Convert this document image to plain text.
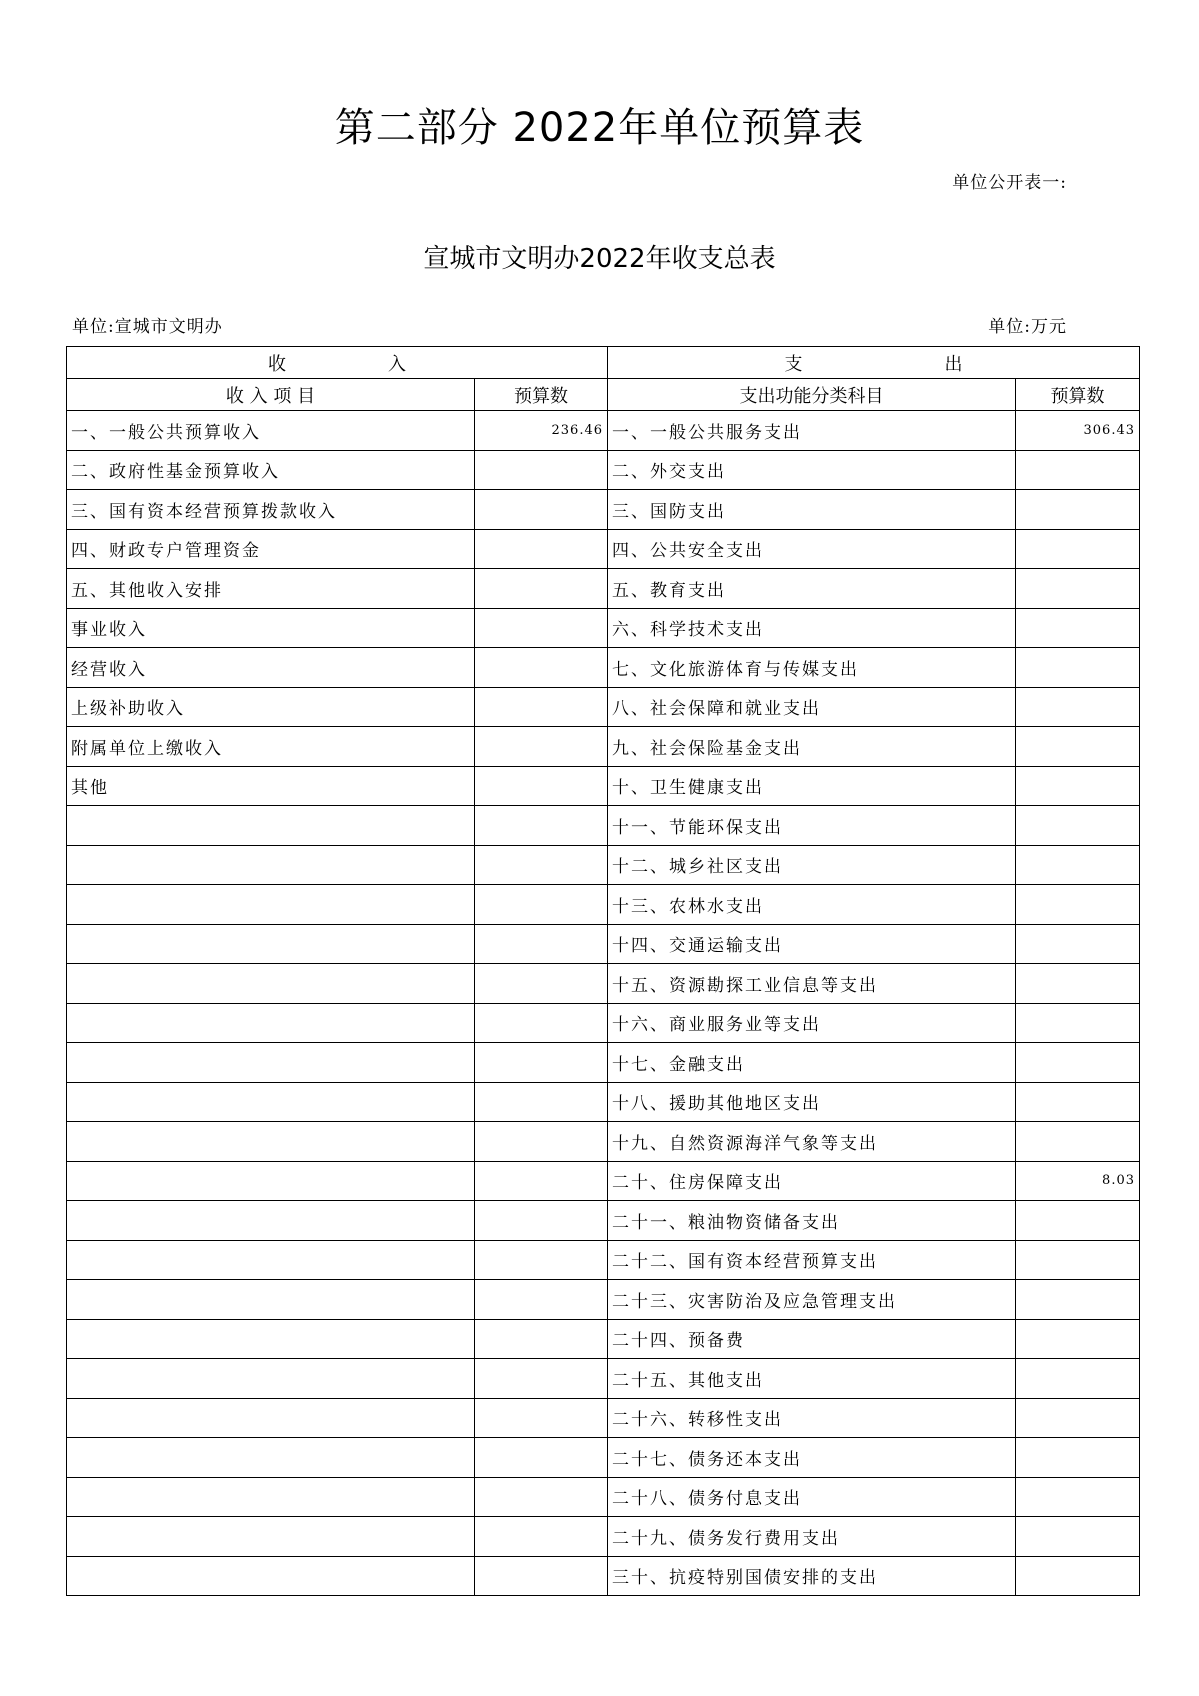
第二部分 2022年单位预算表
单位公开表一:
宣城市文明办2022年收支总表
单位:宣城市文明办	单位:万元
收 入		支 出	
收 入 项 目	预算数	支出功能分类科目	预算数
一、一般公共预算收入	236.46	一、一般公共服务支出	306.43
二、政府性基金预算收入		二、外交支出	
三、国有资本经营预算拨款收入		三、国防支出	
四、财政专户管理资金		四、公共安全支出	
五、其他收入安排		五、教育支出	
事业收入		六、科学技术支出	
经营收入		七、文化旅游体育与传媒支出	
上级补助收入		八、社会保障和就业支出	
附属单位上缴收入		九、社会保险基金支出	
其他		十、卫生健康支出	
		十一、节能环保支出	
		十二、城乡社区支出	
		十三、农林水支出	
		十四、交通运输支出	
		十五、资源勘探工业信息等支出	
		十六、商业服务业等支出	
		十七、金融支出	
		十八、援助其他地区支出	
		十九、自然资源海洋气象等支出	
		二十、住房保障支出	8.03
		二十一、粮油物资储备支出	
		二十二、国有资本经营预算支出	
		二十三、灾害防治及应急管理支出	
		二十四、预备费	
		二十五、其他支出	
		二十六、转移性支出	
		二十七、债务还本支出	
		二十八、债务付息支出	
		二十九、债务发行费用支出	
		三十、抗疫特别国债安排的支出	
